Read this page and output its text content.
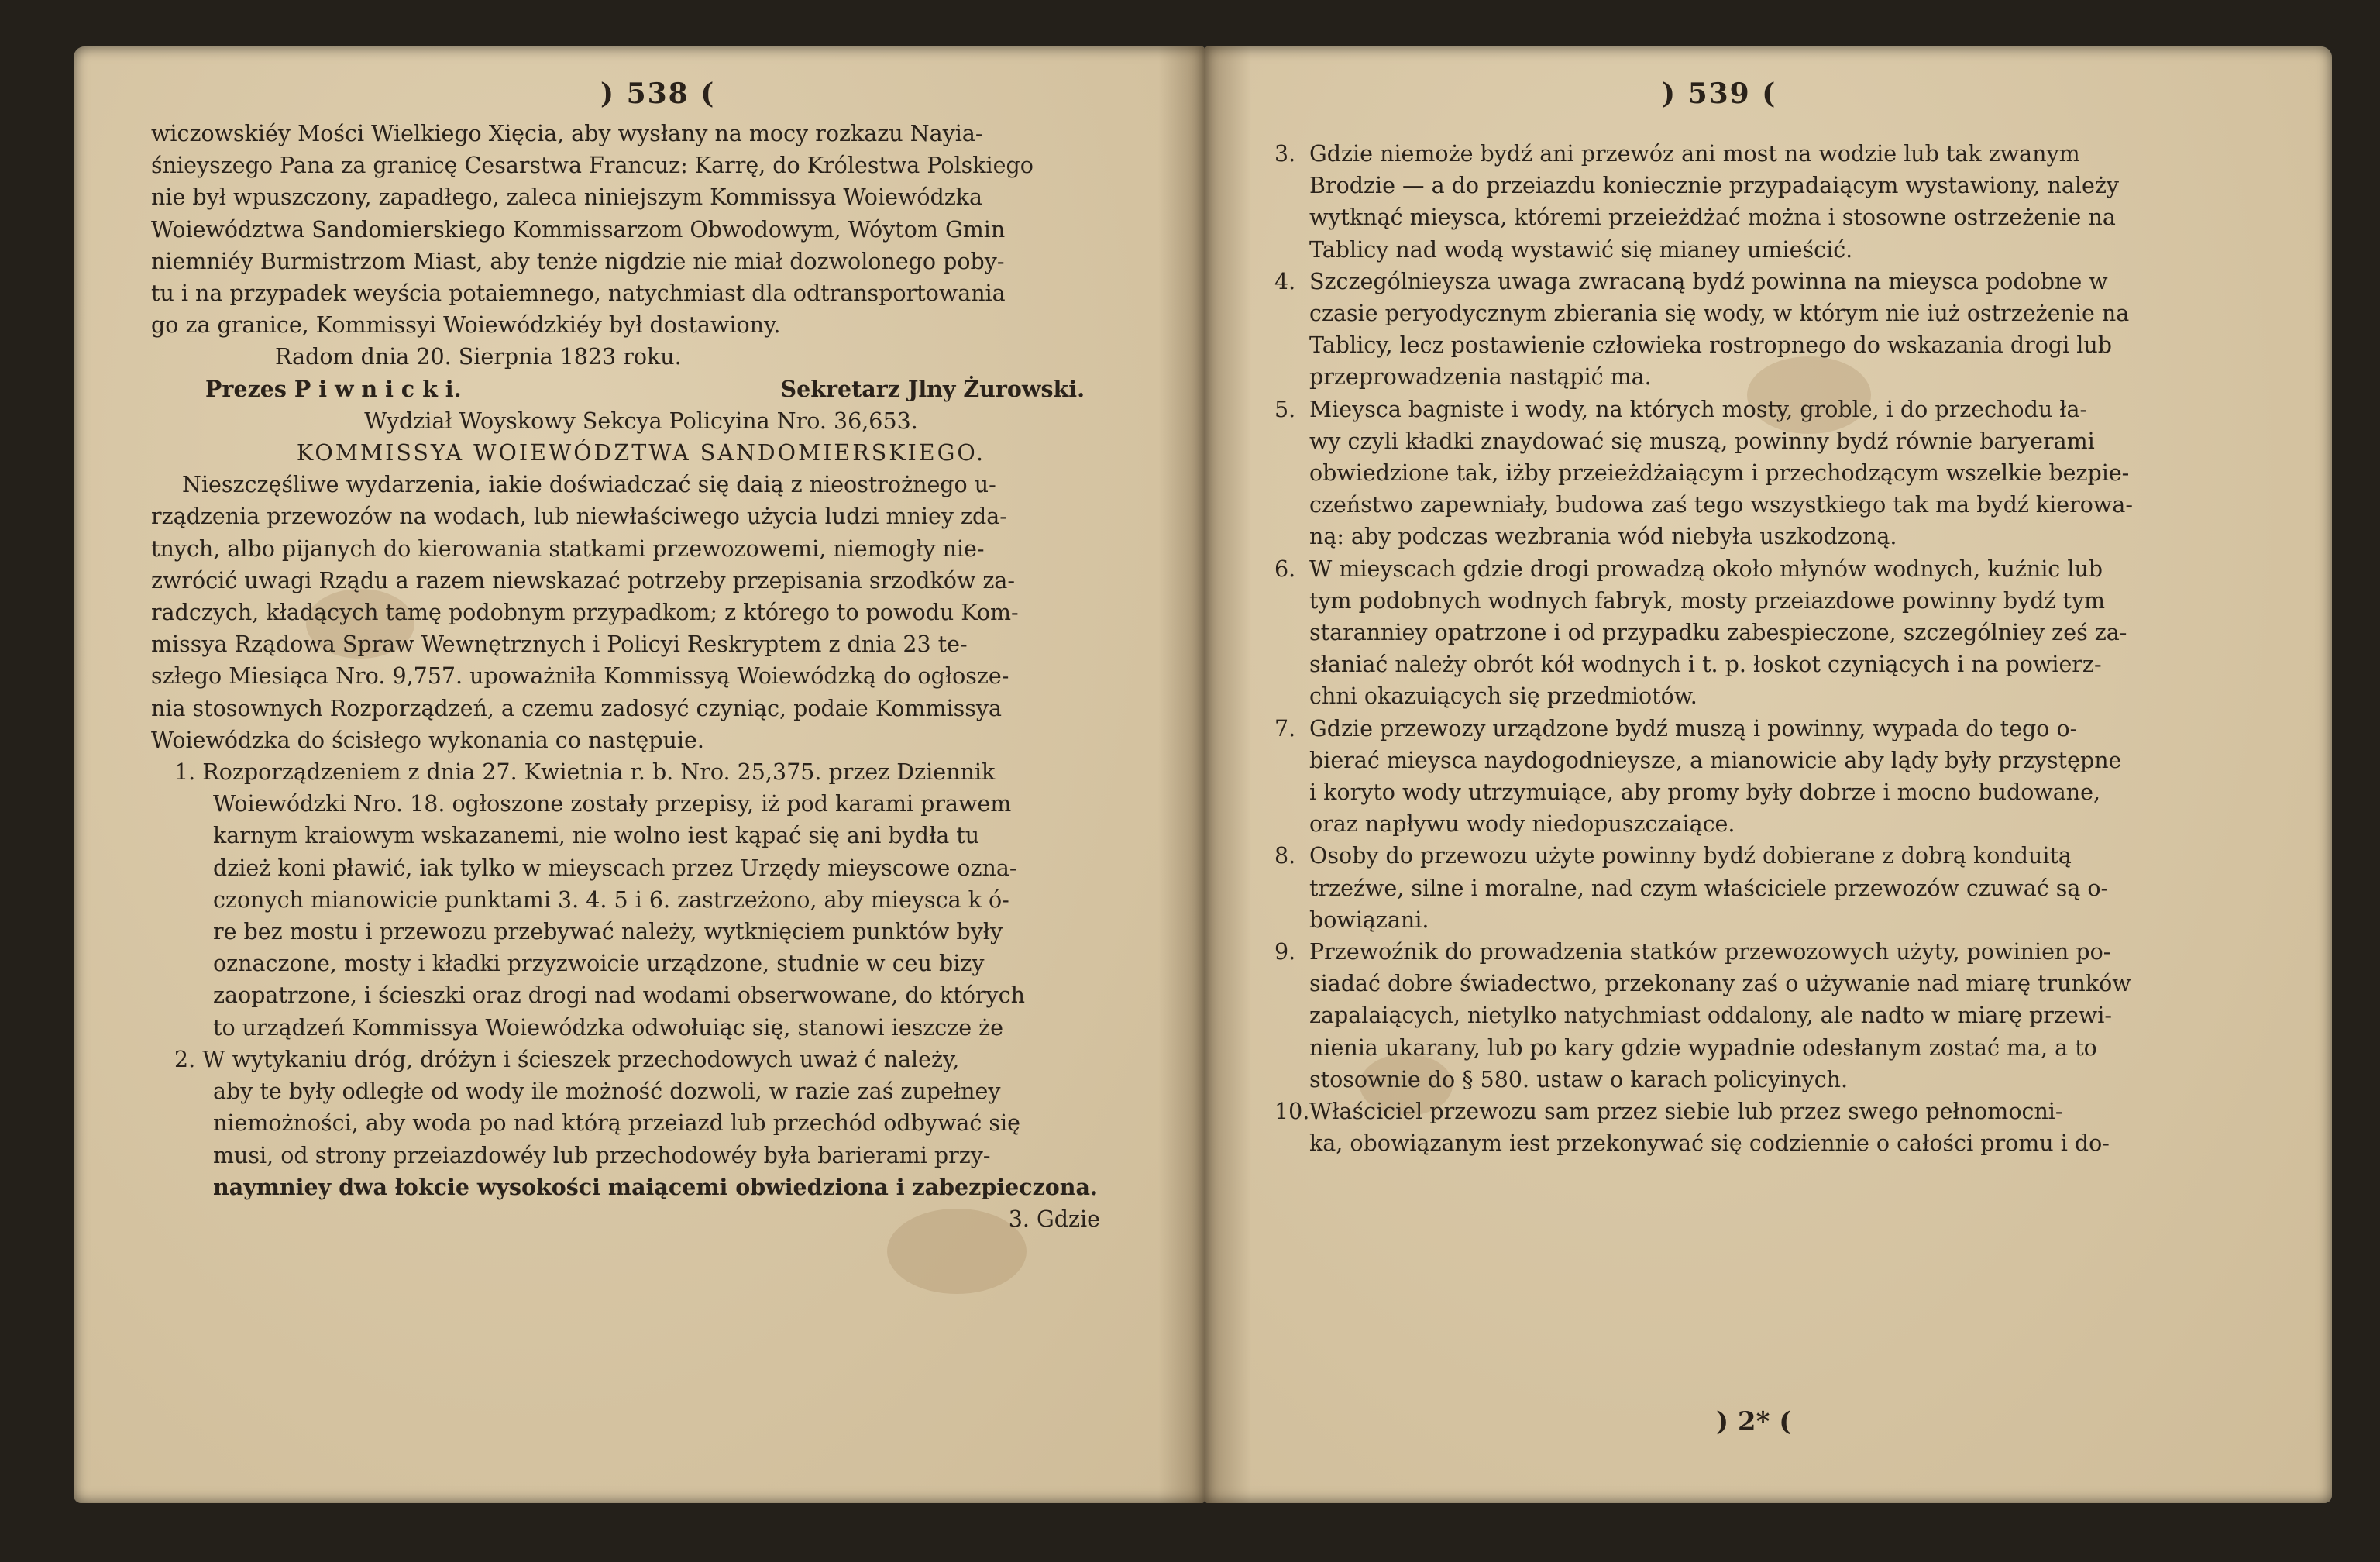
) 538 (
wiczowskiéy Mości Wielkiego Xięcia, aby wysłany na mocy rozkazu Nayia-
śnieyszego Pana za granicę Cesarstwa Francuz: Karrę, do Królestwa Polskiego
nie był wpuszczony, zapadłego, zaleca niniejszym Kommissya Woiewódzka
Woiewództwa Sandomierskiego Kommissarzom Obwodowym, Wóytom Gmin
niemniéy Burmistrzom Miast, aby tenże nigdzie nie miał dozwolonego poby-
tu i na przypadek weyścia potaiemnego, natychmiast dla odtransportowania
go za granice, Kommissyi Woiewódzkiéy był dostawiony.
Radom dnia 20. Sierpnia 1823 roku.
Prezes P i w n i c k i.	Sekretarz Jlny Żurowski.
Wydział Woyskowy Sekcya Policyina Nro. 36,653.
KOMMISSYA WOIEWÓDZTWA SANDOMIERSKIEGO.
Nieszczęśliwe wydarzenia, iakie doświadczać się daią z nieostrożnego u-
rządzenia przewozów na wodach, lub niewłaściwego użycia ludzi mniey zda-
tnych, albo pijanych do kierowania statkami przewozowemi, niemogły nie-
zwrócić uwagi Rządu a razem niewskazać potrzeby przepisania srzodków za-
radczych, kładących tamę podobnym przypadkom; z którego to powodu Kom-
missya Rządowa Spraw Wewnętrznych i Policyi Reskryptem z dnia 23 te-
szłego Miesiąca Nro. 9,757. upoważniła Kommissyą Woiewódzką do ogłosze-
nia stosownych Rozporządzeń, a czemu zadosyć czyniąc, podaie Kommissya
Woiewódzka do ścisłego wykonania co następuie.
1. Rozporządzeniem z dnia 27. Kwietnia r. b. Nro. 25,375. przez Dziennik
Woiewódzki Nro. 18. ogłoszone zostały przepisy, iż pod karami prawem
karnym kraiowym wskazanemi, nie wolno iest kąpać się ani bydła tu
dzież koni pławić, iak tylko w mieyscach przez Urzędy mieyscowe ozna-
czonych mianowicie punktami 3. 4. 5 i 6. zastrzeżono, aby mieysca k ó-
re bez mostu i przewozu przebywać należy, wytknięciem punktów były
oznaczone, mosty i kładki przyzwoicie urządzone, studnie w ceu bizy
zaopatrzone, i ścieszki oraz drogi nad wodami obserwowane, do których
to urządzeń Kommissya Woiewódzka odwołuiąc się, stanowi ieszcze że
2. W wytykaniu dróg, dróżyn i ścieszek przechodowych uważ ć należy,
aby te były odległe od wody ile możność dozwoli, w razie zaś zupełney
niemożności, aby woda po nad którą przeiazd lub przechód odbywać się
musi, od strony przeiazdowéy lub przechodowéy była barierami przy-
naymniey dwa łokcie wysokości maiącemi obwiedziona i zabezpieczona.
3. Gdzie
) 539 (
3. Gdzie niemoże bydź ani przewóz ani most na wodzie lub tak zwanym
Brodzie — a do przeiazdu koniecznie przypadaiącym wystawiony, należy
wytknąć mieysca, któremi przeieżdżać można i stosowne ostrzeżenie na
Tablicy nad wodą wystawić się mianey umieścić.
4. Szczególnieysza uwaga zwracaną bydź powinna na mieysca podobne w
czasie peryodycznym zbierania się wody, w którym nie iuż ostrzeżenie na
Tablicy, lecz postawienie człowieka rostropnego do wskazania drogi lub
przeprowadzenia nastąpić ma.
5. Mieysca bagniste i wody, na których mosty, groble, i do przechodu ła-
wy czyli kładki znaydować się muszą, powinny bydź równie baryerami
obwiedzione tak, iżby przeieżdżaiącym i przechodzącym wszelkie bezpie-
czeństwo zapewniały, budowa zaś tego wszystkiego tak ma bydź kierowa-
ną: aby podczas wezbrania wód niebyła uszkodzoną.
6. W mieyscach gdzie drogi prowadzą około młynów wodnych, kuźnic lub
tym podobnych wodnych fabryk, mosty przeiazdowe powinny bydź tym
staranniey opatrzone i od przypadku zabespieczone, szczególniey ześ za-
słaniać należy obrót kół wodnych i t. p. łoskot czyniących i na powierz-
chni okazuiących się przedmiotów.
7. Gdzie przewozy urządzone bydź muszą i powinny, wypada do tego o-
bierać mieysca naydogodnieysze, a mianowicie aby lądy były przystępne
i koryto wody utrzymuiące, aby promy były dobrze i mocno budowane,
oraz napływu wody niedopuszczaiące.
8. Osoby do przewozu użyte powinny bydź dobierane z dobrą konduitą
trzeźwe, silne i moralne, nad czym właściciele przewozów czuwać są o-
bowiązani.
9. Przewoźnik do prowadzenia statków przewozowych użyty, powinien po-
siadać dobre świadectwo, przekonany zaś o używanie nad miarę trunków
zapalaiących, nietylko natychmiast oddalony, ale nadto w miarę przewi-
nienia ukarany, lub po kary gdzie wypadnie odesłanym zostać ma, a to
stosownie do § 580. ustaw o karach policyinych.
10.Właściciel przewozu sam przez siebie lub przez swego pełnomocni-
ka, obowiązanym iest przekonywać się codziennie o całości promu i do-
) 2* (
